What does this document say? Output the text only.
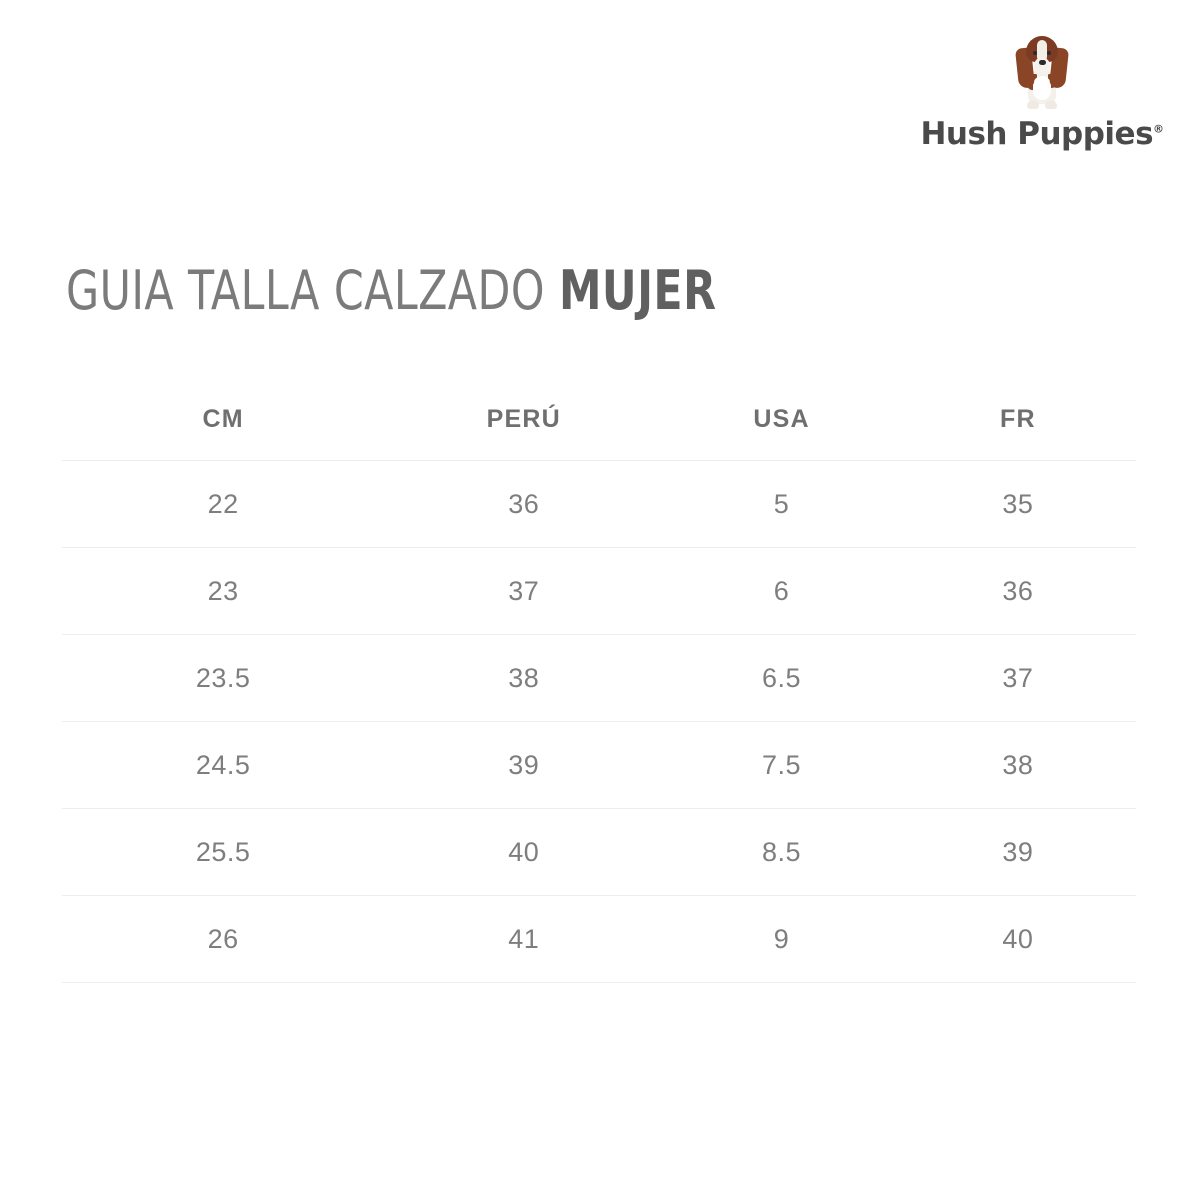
Hush Puppies®
GUIA TALLA CALZADO MUJER
CM	PERÚ	USA	FR
22	36	5	35
23	37	6	36
23.5	38	6.5	37
24.5	39	7.5	38
25.5	40	8.5	39
26	41	9	40
